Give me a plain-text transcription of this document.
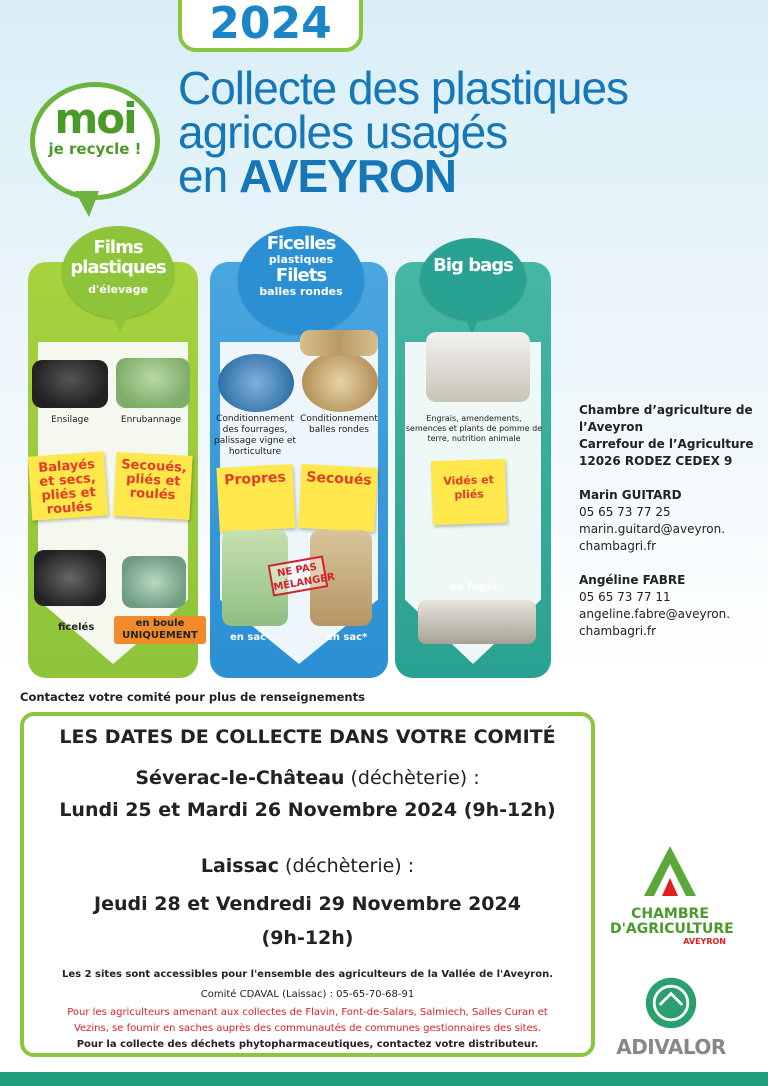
2024
Collecte des plastiques
agricoles usagés
en AVEYRON
moi
je recycle !
Films plastiques
d'élevage
Ficelles
plastiques
Filets
balles rondes
Big bags
Ensilage	Enrubannage
Balayés et secs, pliés et roulés
Secoués, pliés et roulés
ficelés	en boule UNIQUEMENT
Conditionnement des fourrages, palissage vigne et horticulture
Conditionnement balles rondes
Propres	Secoués
NE PAS MÉLANGER
en sac*	en sac*
Engrais, amendements, semences et plants de pomme de terre, nutrition animale
Vidés et pliés
en fagot
Chambre d’agriculture de
l’Aveyron
Carrefour de l’Agriculture
12026 RODEZ CEDEX 9
Marin GUITARD
05 65 73 77 25
marin.guitard@aveyron.
chambagri.fr
Angéline FABRE
05 65 73 77 11
angeline.fabre@aveyron.
chambagri.fr
Contactez votre comité pour plus de renseignements
LES DATES DE COLLECTE DANS VOTRE COMITÉ
Séverac-le-Château (déchèterie) :
Lundi 25 et Mardi 26 Novembre 2024 (9h-12h)
Laissac (déchèterie) :
Jeudi 28 et Vendredi 29 Novembre 2024
(9h-12h)
Les 2 sites sont accessibles pour l'ensemble des agriculteurs de la Vallée de l'Aveyron.
Comité CDAVAL (Laissac) : 05-65-70-68-91
Pour les agriculteurs amenant aux collectes de Flavin, Font-de-Salars, Salmiech, Salles Curan et
Vezins, se fournir en saches auprès des communautés de communes gestionnaires des sites.
Pour la collecte des déchets phytopharmaceutiques, contactez votre distributeur.
CHAMBRE
D'AGRICULTURE
AVEYRON
ADIVALOR
